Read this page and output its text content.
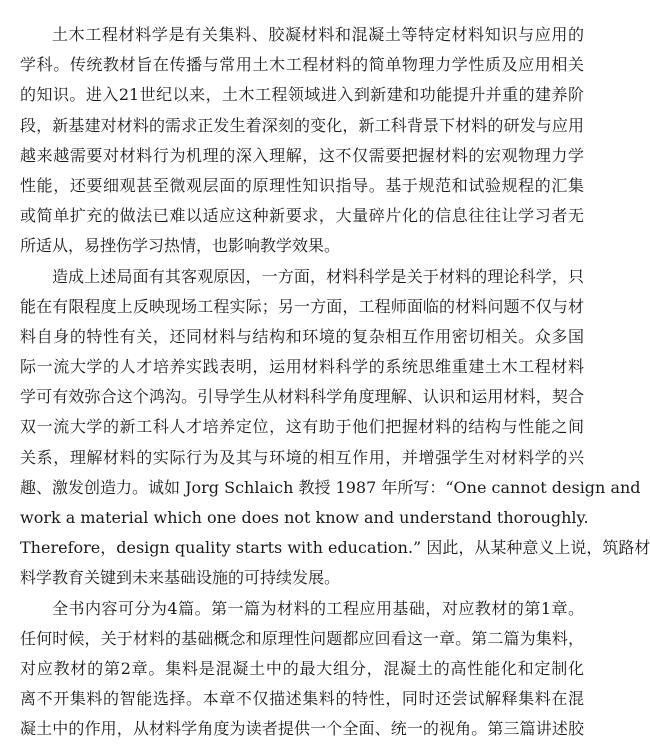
土木工程材料学是有关集料、胶凝材料和混凝土等特定材料知识与应用的
学科。传统教材旨在传播与常用土木工程材料的简单物理力学性质及应用相关
的知识。进入21世纪以来，土木工程领域进入到新建和功能提升并重的建养阶
段，新基建对材料的需求正发生着深刻的变化，新工科背景下材料的研发与应用
越来越需要对材料行为机理的深入理解，这不仅需要把握材料的宏观物理力学
性能，还要细观甚至微观层面的原理性知识指导。基于规范和试验规程的汇集
或简单扩充的做法已难以适应这种新要求，大量碎片化的信息往往让学习者无
所适从，易挫伤学习热情，也影响教学效果。
造成上述局面有其客观原因，一方面，材料科学是关于材料的理论科学，只
能在有限程度上反映现场工程实际；另一方面，工程师面临的材料问题不仅与材
料自身的特性有关，还同材料与结构和环境的复杂相互作用密切相关。众多国
际一流大学的人才培养实践表明，运用材料科学的系统思维重建土木工程材料
学可有效弥合这个鸿沟。引导学生从材料科学角度理解、认识和运用材料，契合
双一流大学的新工科人才培养定位，这有助于他们把握材料的结构与性能之间
关系，理解材料的实际行为及其与环境的相互作用，并增强学生对材料学的兴
趣、激发创造力。诚如 Jorg Schlaich 教授 1987 年所写：“One cannot design and
work a material which one does not know and understand thoroughly.
Therefore，design quality starts with education.” 因此，从某种意义上说，筑路材
料学教育关键到未来基础设施的可持续发展。
全书内容可分为4篇。第一篇为材料的工程应用基础，对应教材的第1章。
任何时候，关于材料的基础概念和原理性问题都应回看这一章。第二篇为集料，
对应教材的第2章。集料是混凝土中的最大组分，混凝土的高性能化和定制化
离不开集料的智能选择。本章不仅描述集料的特性，同时还尝试解释集料在混
凝土中的作用，从材料学角度为读者提供一个全面、统一的视角。第三篇讲述胶
